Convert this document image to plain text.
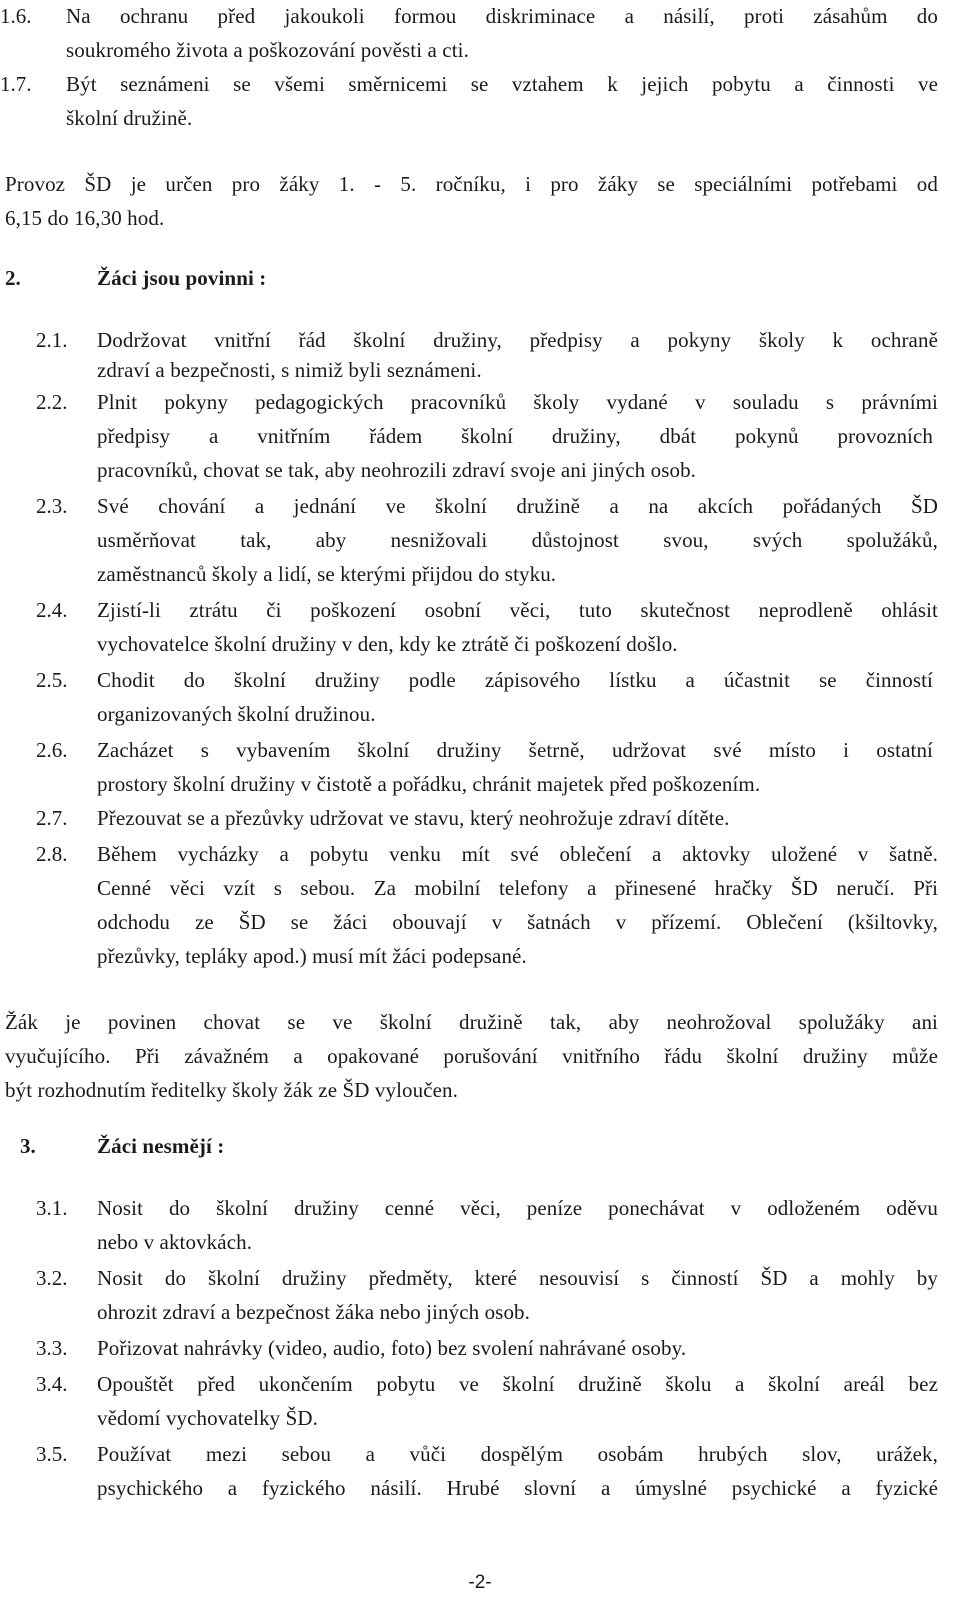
1.6. Na ochranu před jakoukoli formou diskriminace a násilí, proti zásahům do
soukromého života a poškozování pověsti a cti.
1.7. Být seznámeni se všemi směrnicemi se vztahem k jejich pobytu a činnosti ve
školní družině.
Provoz ŠD je určen pro žáky 1. - 5. ročníku, i pro žáky se speciálními potřebami od
6,15 do 16,30 hod.
2.	Žáci jsou povinni :
2.1. Dodržovat vnitřní řád školní družiny, předpisy a pokyny školy k ochraně
zdraví a bezpečnosti, s nimiž byli seznámeni.
2.2. Plnit pokyny pedagogických pracovníků školy vydané v souladu s právními
předpisy a vnitřním řádem školní družiny, dbát pokynů provozních
pracovníků, chovat se tak, aby neohrozili zdraví svoje ani jiných osob.
2.3. Své chování a jednání ve školní družině a na akcích pořádaných ŠD
usměrňovat tak, aby nesnižovali důstojnost svou, svých spolužáků,
zaměstnanců školy a lidí, se kterými přijdou do styku.
2.4. Zjistí-li ztrátu či poškození osobní věci, tuto skutečnost neprodleně ohlásit
vychovatelce školní družiny v den, kdy ke ztrátě či poškození došlo.
2.5. Chodit do školní družiny podle zápisového lístku a účastnit se činností
organizovaných školní družinou.
2.6. Zacházet s vybavením školní družiny šetrně, udržovat své místo i ostatní
prostory školní družiny v čistotě a pořádku, chránit majetek před poškozením.
2.7. Přezouvat se a přezůvky udržovat ve stavu, který neohrožuje zdraví dítěte.
2.8. Během vycházky a pobytu venku mít své oblečení a aktovky uložené v šatně.
Cenné věci vzít s sebou. Za mobilní telefony a přinesené hračky ŠD neručí. Při
odchodu ze ŠD se žáci obouvají v šatnách v přízemí. Oblečení (kšiltovky,
přezůvky, tepláky apod.) musí mít žáci podepsané.
Žák je povinen chovat se ve školní družině tak, aby neohrožoval spolužáky ani
vyučujícího. Při závažném a opakované porušování vnitřního řádu školní družiny může
být rozhodnutím ředitelky školy žák ze ŠD vyloučen.
3.	Žáci nesmějí :
3.1. Nosit do školní družiny cenné věci, peníze ponechávat v odloženém oděvu
nebo v aktovkách.
3.2. Nosit do školní družiny předměty, které nesouvisí s činností ŠD a mohly by
ohrozit zdraví a bezpečnost žáka nebo jiných osob.
3.3. Pořizovat nahrávky (video, audio, foto) bez svolení nahrávané osoby.
3.4. Opouštět před ukončením pobytu ve školní družině školu a školní areál bez
vědomí vychovatelky ŠD.
3.5. Používat mezi sebou a vůči dospělým osobám hrubých slov, urážek,
psychického a fyzického násilí. Hrubé slovní a úmyslné psychické a fyzické
-2-
